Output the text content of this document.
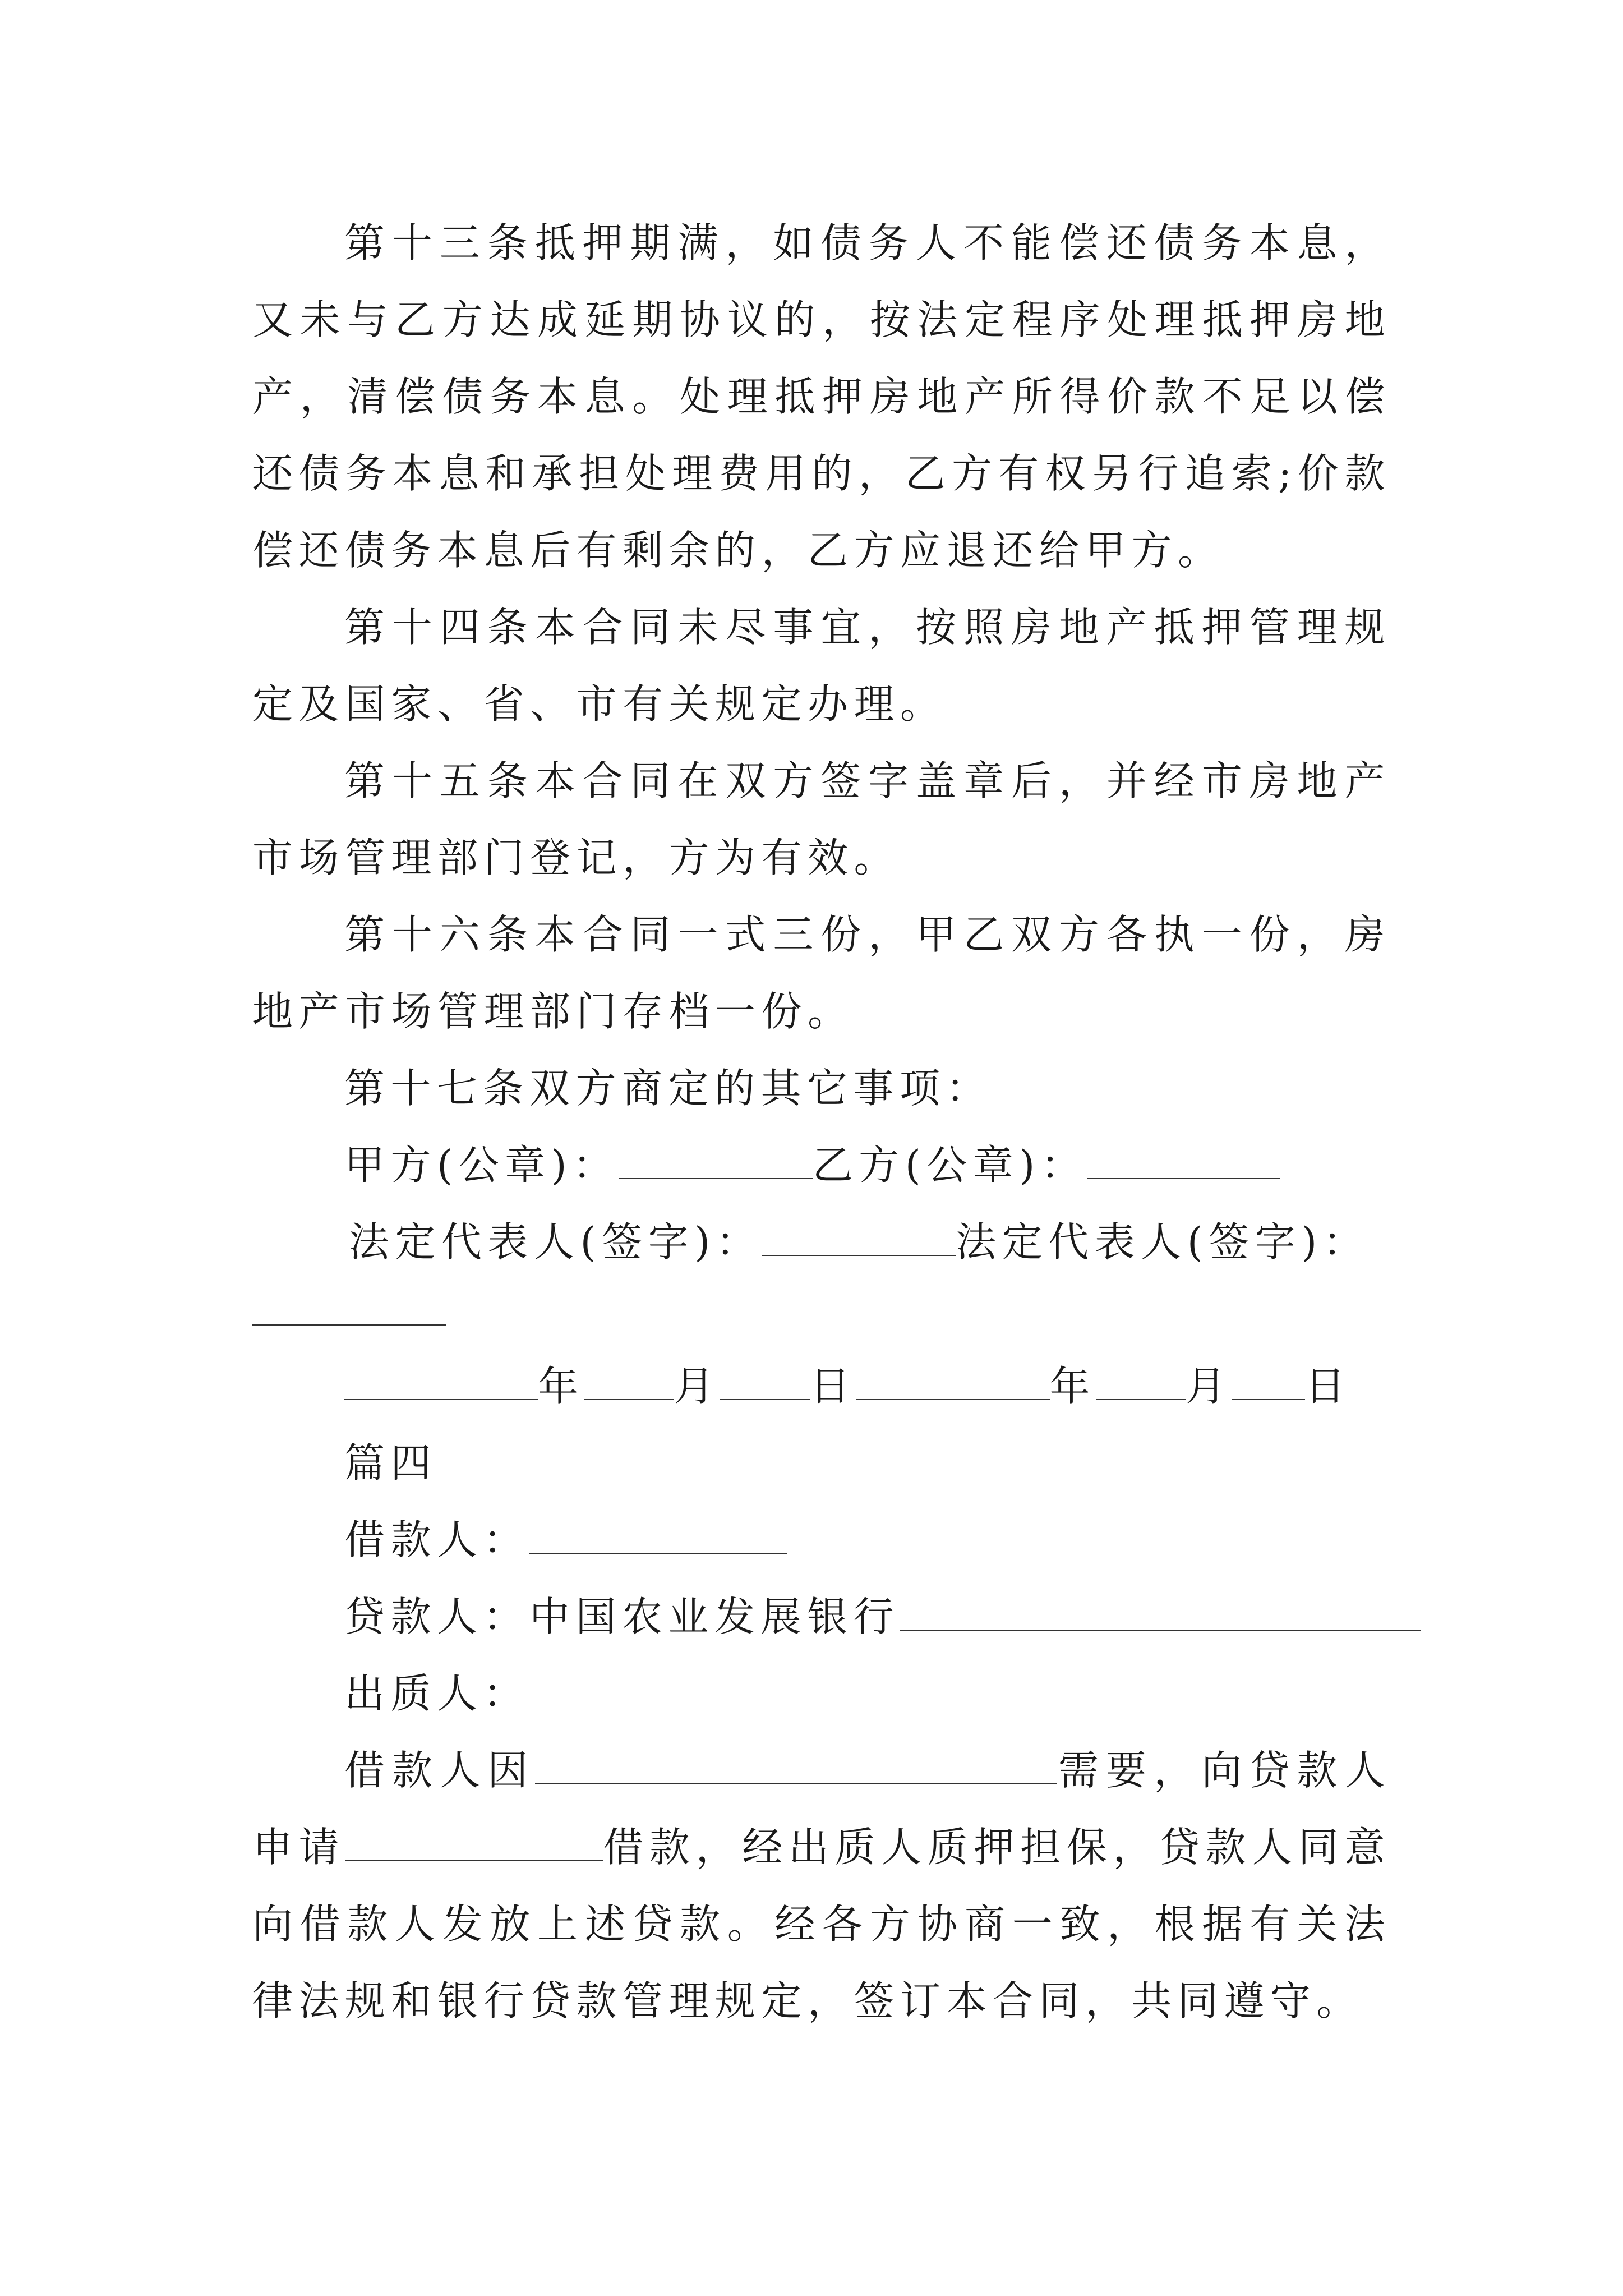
第十三条抵押期满，如债务人不能偿还债务本息，又未与乙方达成延期协议的，按法定程序处理抵押房地产，清偿债务本息。处理抵押房地产所得价款不足以偿还债务本息和承担处理费用的，乙方有权另行追索;价款偿还债务本息后有剩余的，乙方应退还给甲方。

第十四条本合同未尽事宜，按照房地产抵押管理规定及国家、省、市有关规定办理。

第十五条本合同在双方签字盖章后，并经市房地产市场管理部门登记，方为有效。

第十六条本合同一式三份，甲乙双方各执一份，房地产市场管理部门存档一份。

第十七条双方商定的其它事项：

甲方(公章)：	乙方(公章)：

法定代表人(签字)：	法定代表人(签字)：

年 月 日	年 月 日

篇四

借款人：

贷款人：中国农业发展银行

出质人：

借款人因	需要，向贷款人申请	借款，经出质人质押担保，贷款人同意向借款人发放上述贷款。经各方协商一致，根据有关法律法规和银行贷款管理规定，签订本合同，共同遵守。
